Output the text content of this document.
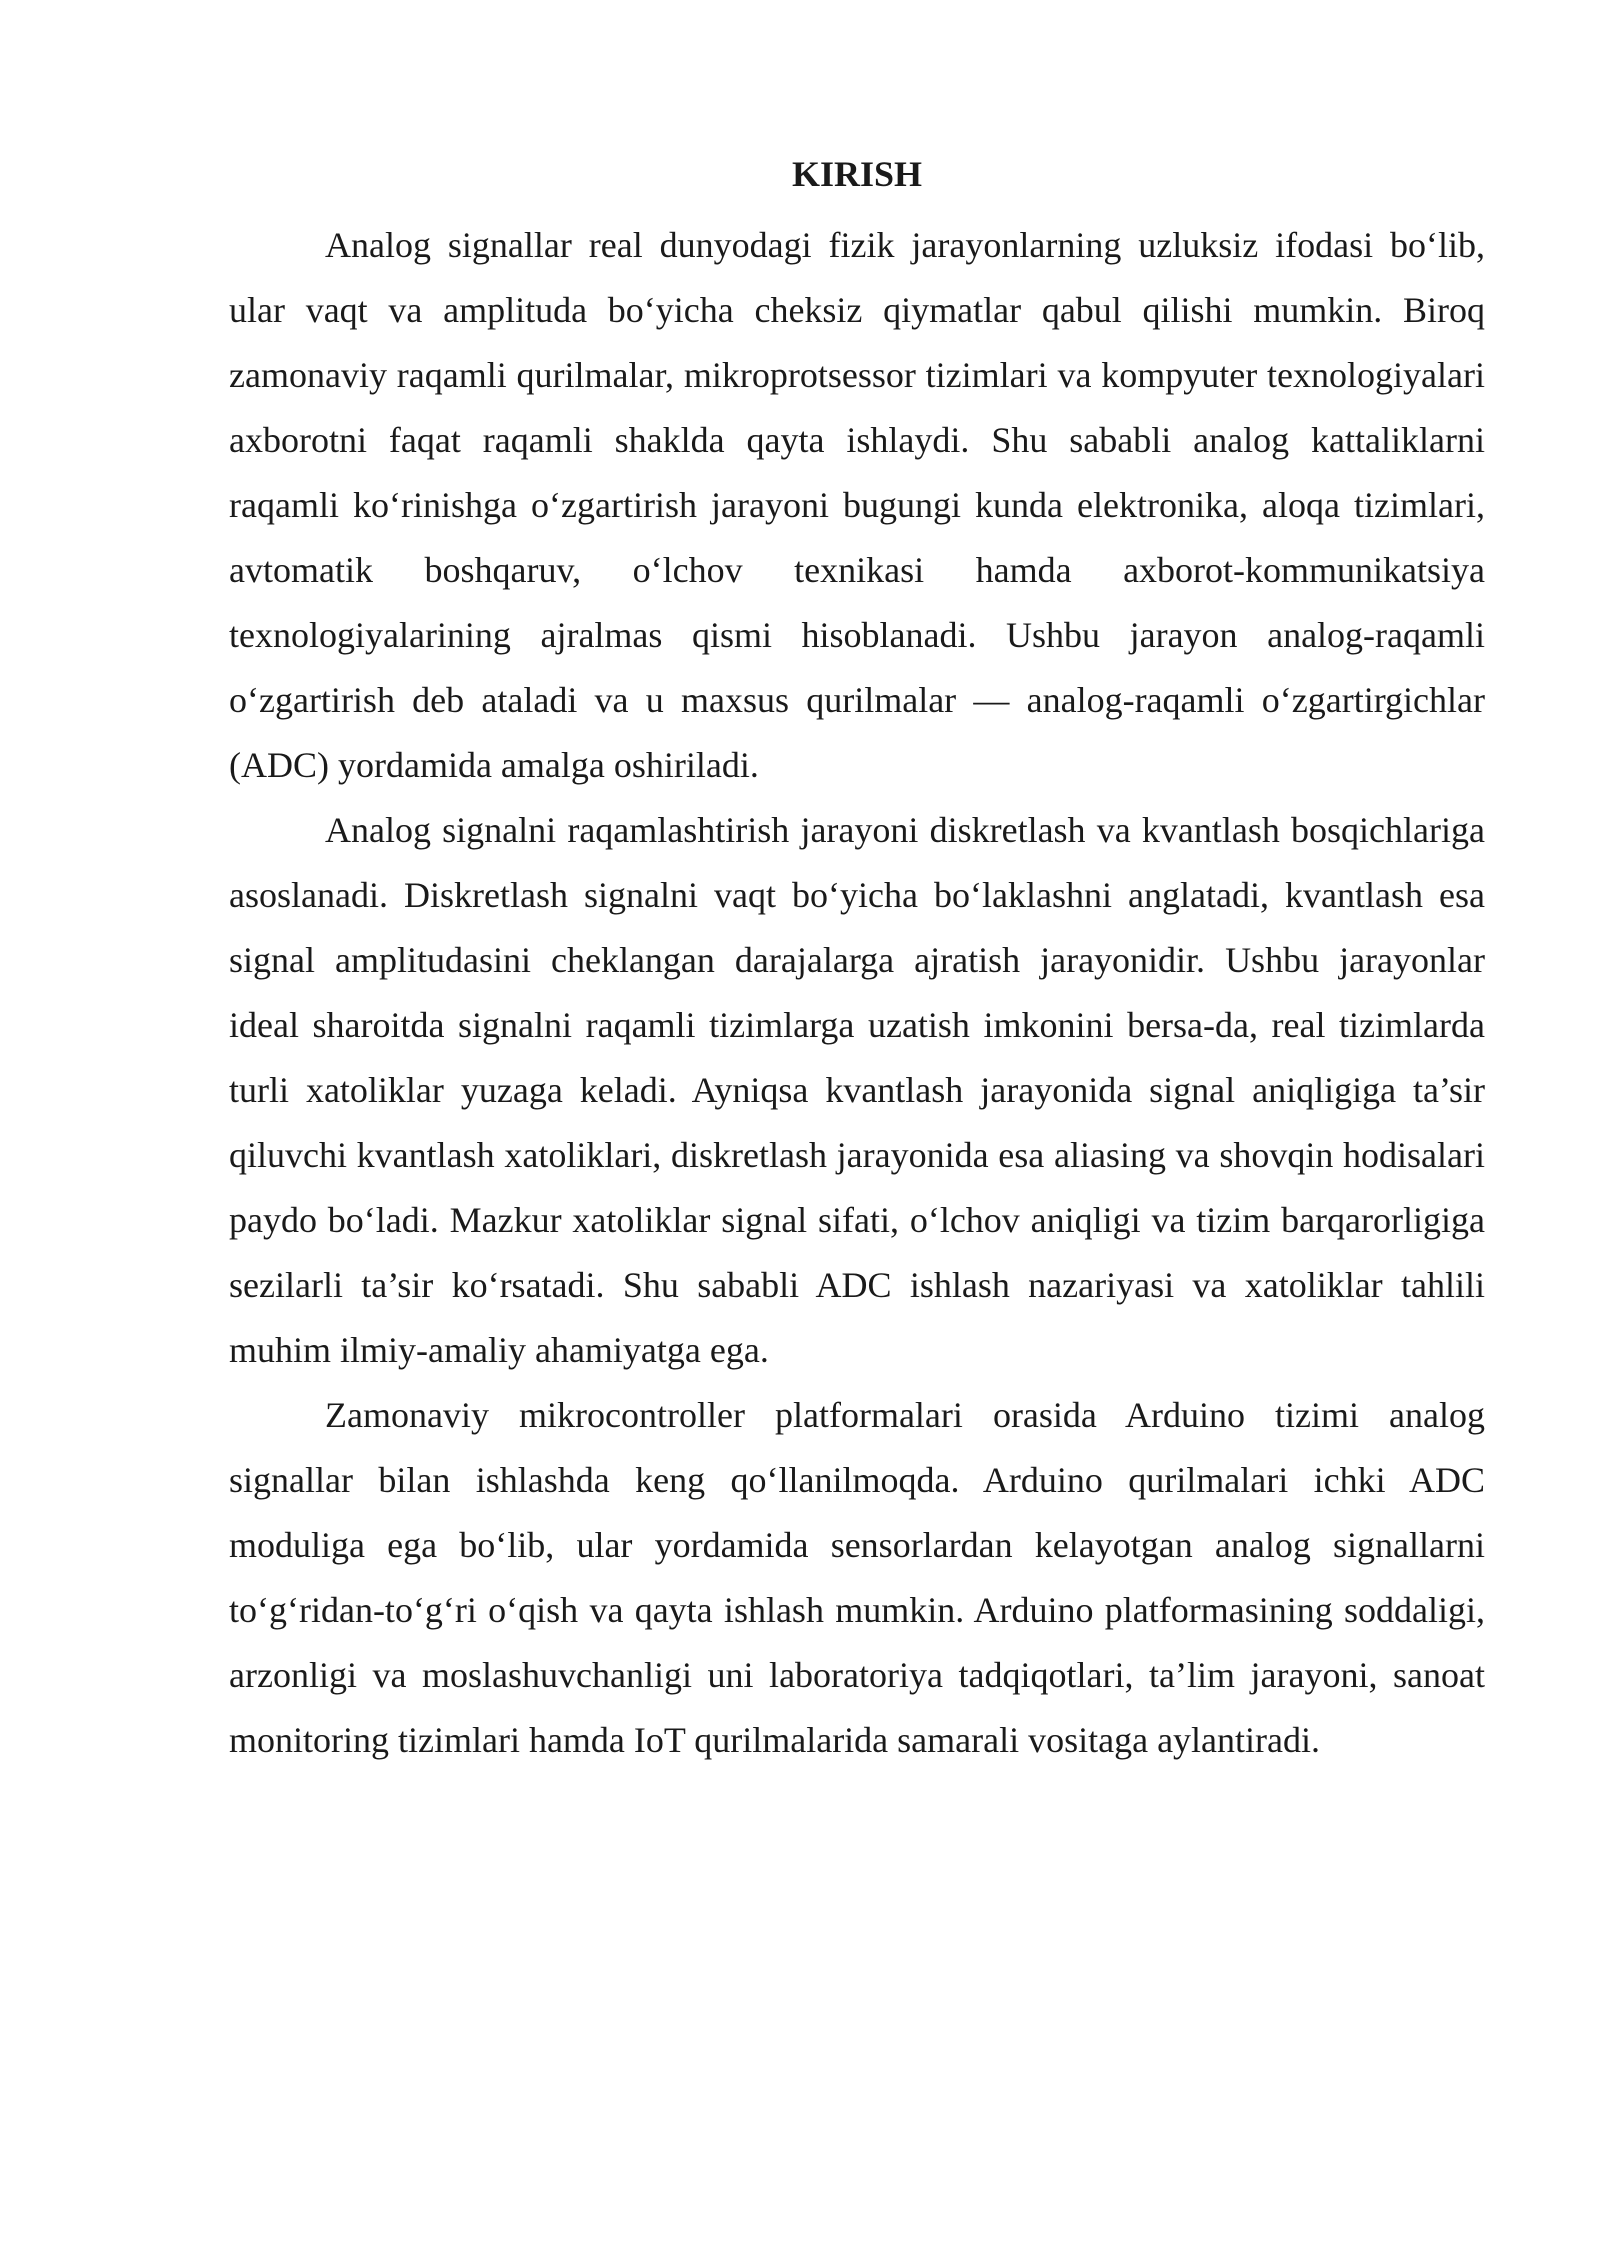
KIRISH

Analog signallar real dunyodagi fizik jarayonlarning uzluksiz ifodasi bo‘lib, ular vaqt va amplituda bo‘yicha cheksiz qiymatlar qabul qilishi mumkin. Biroq zamonaviy raqamli qurilmalar, mikroprotsessor tizimlari va kompyuter texnologiyalari axborotni faqat raqamli shaklda qayta ishlaydi. Shu sababli analog kattaliklarni raqamli ko‘rinishga o‘zgartirish jarayoni bugungi kunda elektronika, aloqa tizimlari, avtomatik boshqaruv, o‘lchov texnikasi hamda axborot-kommunikatsiya texnologiyalarining ajralmas qismi hisoblanadi. Ushbu jarayon analog-raqamli o‘zgartirish deb ataladi va u maxsus qurilmalar — analog-raqamli o‘zgartirgichlar (ADC) yordamida amalga oshiriladi.

Analog signalni raqamlashtirish jarayoni diskretlash va kvantlash bosqichlariga asoslanadi. Diskretlash signalni vaqt bo‘yicha bo‘laklashni anglatadi, kvantlash esa signal amplitudasini cheklangan darajalarga ajratish jarayonidir. Ushbu jarayonlar ideal sharoitda signalni raqamli tizimlarga uzatish imkonini bersa-da, real tizimlarda turli xatoliklar yuzaga keladi. Ayniqsa kvantlash jarayonida signal aniqligiga ta’sir qiluvchi kvantlash xatoliklari, diskretlash jarayonida esa aliasing va shovqin hodisalari paydo bo‘ladi. Mazkur xatoliklar signal sifati, o‘lchov aniqligi va tizim barqarorligiga sezilarli ta’sir ko‘rsatadi. Shu sababli ADC ishlash nazariyasi va xatoliklar tahlili muhim ilmiy-amaliy ahamiyatga ega.

Zamonaviy mikrocontroller platformalari orasida Arduino tizimi analog signallar bilan ishlashda keng qo‘llanilmoqda. Arduino qurilmalari ichki ADC moduliga ega bo‘lib, ular yordamida sensorlardan kelayotgan analog signallarni to‘g‘ridan-to‘g‘ri o‘qish va qayta ishlash mumkin. Arduino platformasining soddaligi, arzonligi va moslashuvchanligi uni laboratoriya tadqiqotlari, ta’lim jarayoni, sanoat monitoring tizimlari hamda IoT qurilmalarida samarali vositaga aylantiradi.
